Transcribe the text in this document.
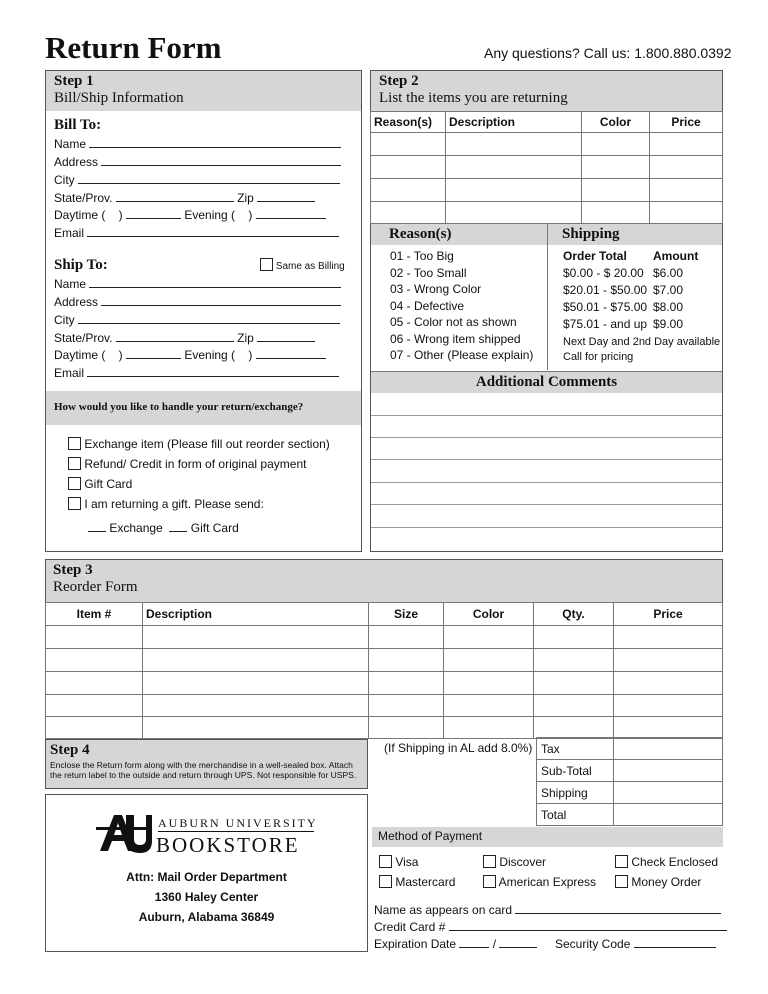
Return Form	Any questions? Call us: 1.800.880.0392
Step 1
Bill/Ship Information
Bill To:
Name
Address
City
State/Prov.	Zip
Daytime (    )	Evening (    )
Email
Ship To:	Same as Billing
Name
Address
City
State/Prov.	Zip
Daytime (    )	Evening (    )
Email
How would you like to handle your return/exchange?
Exchange item (Please fill out reorder section)
Refund/ Credit in form of original payment
Gift Card
I am returning a gift. Please send:
Exchange Gift Card
Step 2
List the items you are returning
Reason(s)	Description	Color	Price

Reason(s)
01 - Too Big
02 - Too Small
03 - Wrong Color
04 - Defective
05 - Color not as shown
06 - Wrong item shipped
07 - Other (Please explain)
Shipping
Order Total Amount
$0.00 - $ 20.00 $6.00
$20.01 - $50.00 $7.00
$50.01 - $75.00 $8.00
$75.01 - and up $9.00
Next Day and 2nd Day available
Call for pricing
Additional Comments
Step 3
Reorder Form
Item #	Description	Size	Color	Qty.	Price

Step 4
Enclose the Return form along with the merchandise in a well-sealed box. Attach the return label to the outside and return through UPS. Not responsible for USPS.
(If Shipping in AL add 8.0%) Tax	
Sub-Total	
Shipping	
Total	
AUBURN UNIVERSITY
BOOKSTORE
Attn: Mail Order Department
1360 Haley Center
Auburn, Alabama 36849
Method of Payment
Visa	Discover	Check Enclosed
Mastercard	American Express	Money Order
Name as appears on card
Credit Card #
Expiration Date	/	Security Code
